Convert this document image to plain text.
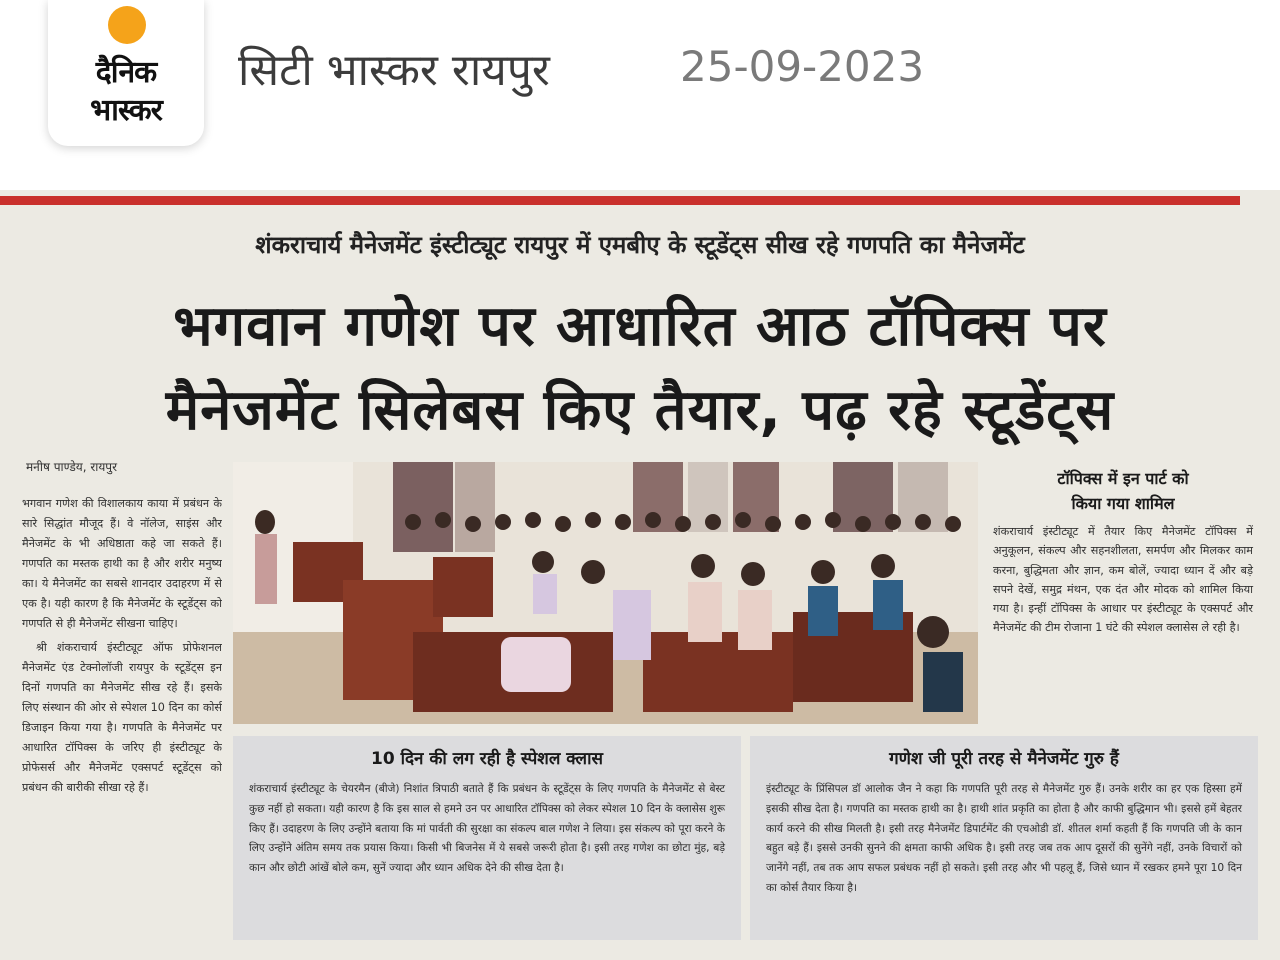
दैनिक
भास्कर
सिटी भास्कर रायपुर	25-09-2023
शंकराचार्य मैनेजमेंट इंस्टीट्यूट रायपुर में एमबीए के स्टूडेंट्स सीख रहे गणपति का मैनेजमेंट
भगवान गणेश पर आधारित आठ टॉपिक्स पर
मैनेजमेंट सिलेबस किए तैयार, पढ़ रहे स्टूडेंट्स
मनीष पाण्डेय, रायपुर

भगवान गणेश की विशालकाय काया में प्रबंधन के सारे सिद्धांत मौजूद हैं। वे नॉलेज, साइंस और मैनेजमेंट के भी अधिष्ठाता कहे जा सकते हैं। गणपति का मस्तक हाथी का है और शरीर मनुष्य का। ये मैनेजमेंट का सबसे शानदार उदाहरण में से एक है। यही कारण है कि मैनेजमेंट के स्टूडेंट्स को गणपति से ही मैनेजमेंट सीखना चाहिए।

श्री शंकराचार्य इंस्टीट्यूट ऑफ प्रोफेशनल मैनेजमेंट एंड टेक्नोलॉजी रायपुर के स्टूडेंट्स इन दिनों गणपति का मैनेजमेंट सीख रहे हैं। इसके लिए संस्थान की ओर से स्पेशल 10 दिन का कोर्स डिजाइन किया गया है। गणपति के मैनेजमेंट पर आधारित टॉपिक्स के जरिए ही इंस्टीट्यूट के प्रोफेसर्स और मैनेजमेंट एक्सपर्ट स्टूडेंट्स को प्रबंधन की बारीकी सीखा रहे हैं।

टॉपिक्स में इन पार्ट को
किया गया शामिल
शंकराचार्य इंस्टीट्यूट में तैयार किए मैनेजमेंट टॉपिक्स में अनुकूलन, संकल्प और सहनशीलता, समर्पण और मिलकर काम करना, बुद्धिमता और ज्ञान, कम बोलें, ज्यादा ध्यान दें और बड़े सपने देखें, समुद्र मंथन, एक दंत और मोदक को शामिल किया गया है। इन्हीं टॉपिक्स के आधार पर इंस्टीट्यूट के एक्सपर्ट और मैनेजमेंट की टीम रोजाना 1 घंटे की स्पेशल क्लासेस ले रही है।
10 दिन की लग रही है स्पेशल क्लास
शंकराचार्य इंस्टीट्यूट के चेयरमैन (बीजे) निशांत त्रिपाठी बताते हैं कि प्रबंधन के स्टूडेंट्स के लिए गणपति के मैनेजमेंट से बेस्ट कुछ नहीं हो सकता। यही कारण है कि इस साल से हमने उन पर आधारित टॉपिक्स को लेकर स्पेशल 10 दिन के क्लासेस शुरू किए हैं। उदाहरण के लिए उन्होंने बताया कि मां पार्वती की सुरक्षा का संकल्प बाल गणेश ने लिया। इस संकल्प को पूरा करने के लिए उन्होंने अंतिम समय तक प्रयास किया। किसी भी बिजनेस में ये सबसे जरूरी होता है। इसी तरह गणेश का छोटा मुंह, बड़े कान और छोटी आंखें बोले कम, सुनें ज्यादा और ध्यान अधिक देने की सीख देता है।
गणेश जी पूरी तरह से मैनेजमेंट गुरु हैं
इंस्टीट्यूट के प्रिंसिपल डॉ आलोक जैन ने कहा कि गणपति पूरी तरह से मैनेजमेंट गुरु हैं। उनके शरीर का हर एक हिस्सा हमें इसकी सीख देता है। गणपति का मस्तक हाथी का है। हाथी शांत प्रकृति का होता है और काफी बुद्धिमान भी। इससे हमें बेहतर कार्य करने की सीख मिलती है। इसी तरह मैनेजमेंट डिपार्टमेंट की एचओडी डॉ. शीतल शर्मा कहती हैं कि गणपति जी के कान बहुत बड़े हैं। इससे उनकी सुनने की क्षमता काफी अधिक है। इसी तरह जब तक आप दूसरों की सुनेंगे नहीं, उनके विचारों को जानेंगे नहीं, तब तक आप सफल प्रबंधक नहीं हो सकते। इसी तरह और भी पहलू हैं, जिसे ध्यान में रखकर हमने पूरा 10 दिन का कोर्स तैयार किया है।
